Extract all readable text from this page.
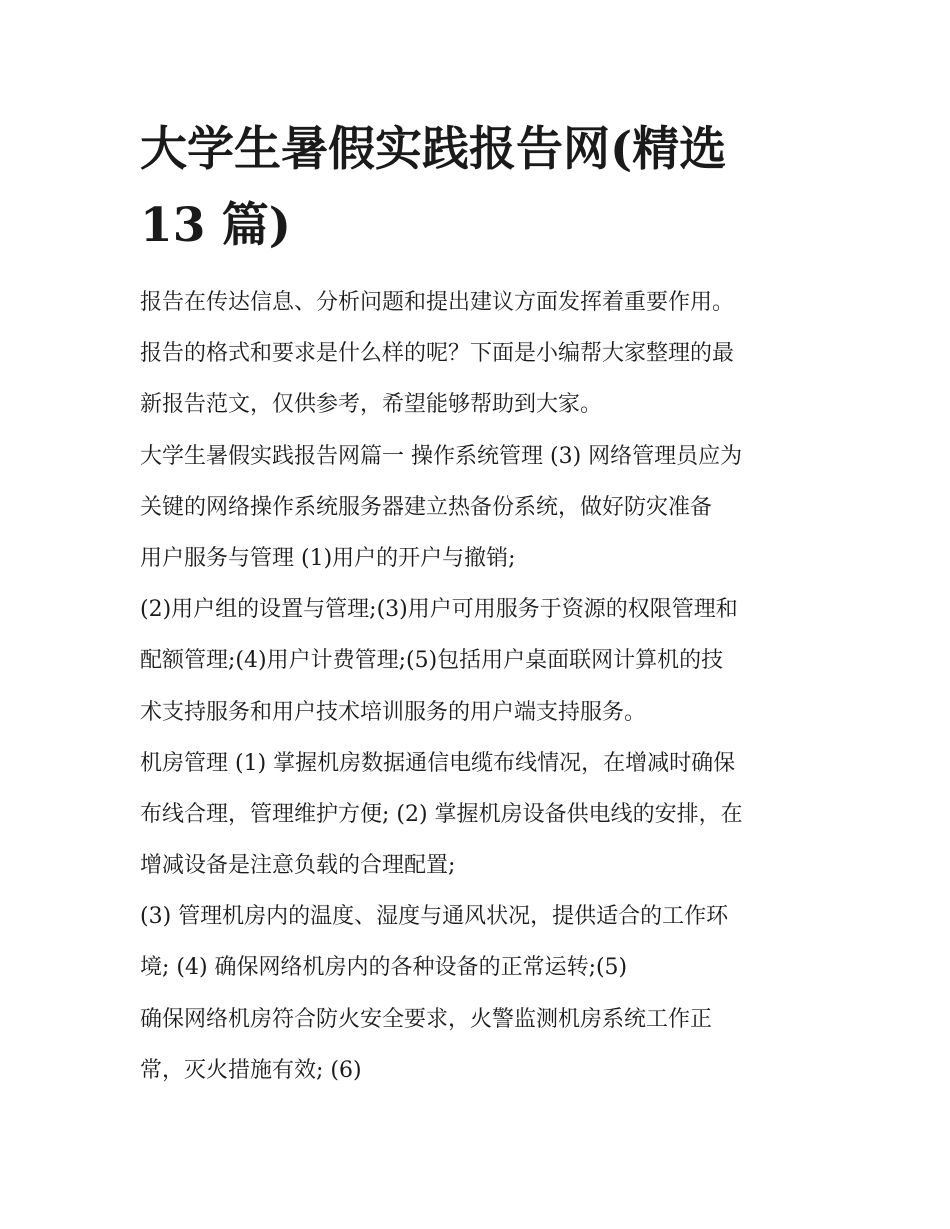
大学生暑假实践报告网(精选
13 篇)
报告在传达信息、分析问题和提出建议方面发挥着重要作用。
报告的格式和要求是什么样的呢？下面是小编帮大家整理的最
新报告范文，仅供参考，希望能够帮助到大家。
大学生暑假实践报告网篇一 操作系统管理 (3) 网络管理员应为
关键的网络操作系统服务器建立热备份系统，做好防灾准备
用户服务与管理 (1)用户的开户与撤销;
(2)用户组的设置与管理;(3)用户可用服务于资源的权限管理和
配额管理;(4)用户计费管理;(5)包括用户桌面联网计算机的技
术支持服务和用户技术培训服务的用户端支持服务。
机房管理 (1) 掌握机房数据通信电缆布线情况，在增减时确保
布线合理，管理维护方便; (2) 掌握机房设备供电线的安排，在
增减设备是注意负载的合理配置;
(3) 管理机房内的温度、湿度与通风状况，提供适合的工作环
境; (4) 确保网络机房内的各种设备的正常运转;(5)
确保网络机房符合防火安全要求，火警监测机房系统工作正
常，灭火措施有效; (6)
